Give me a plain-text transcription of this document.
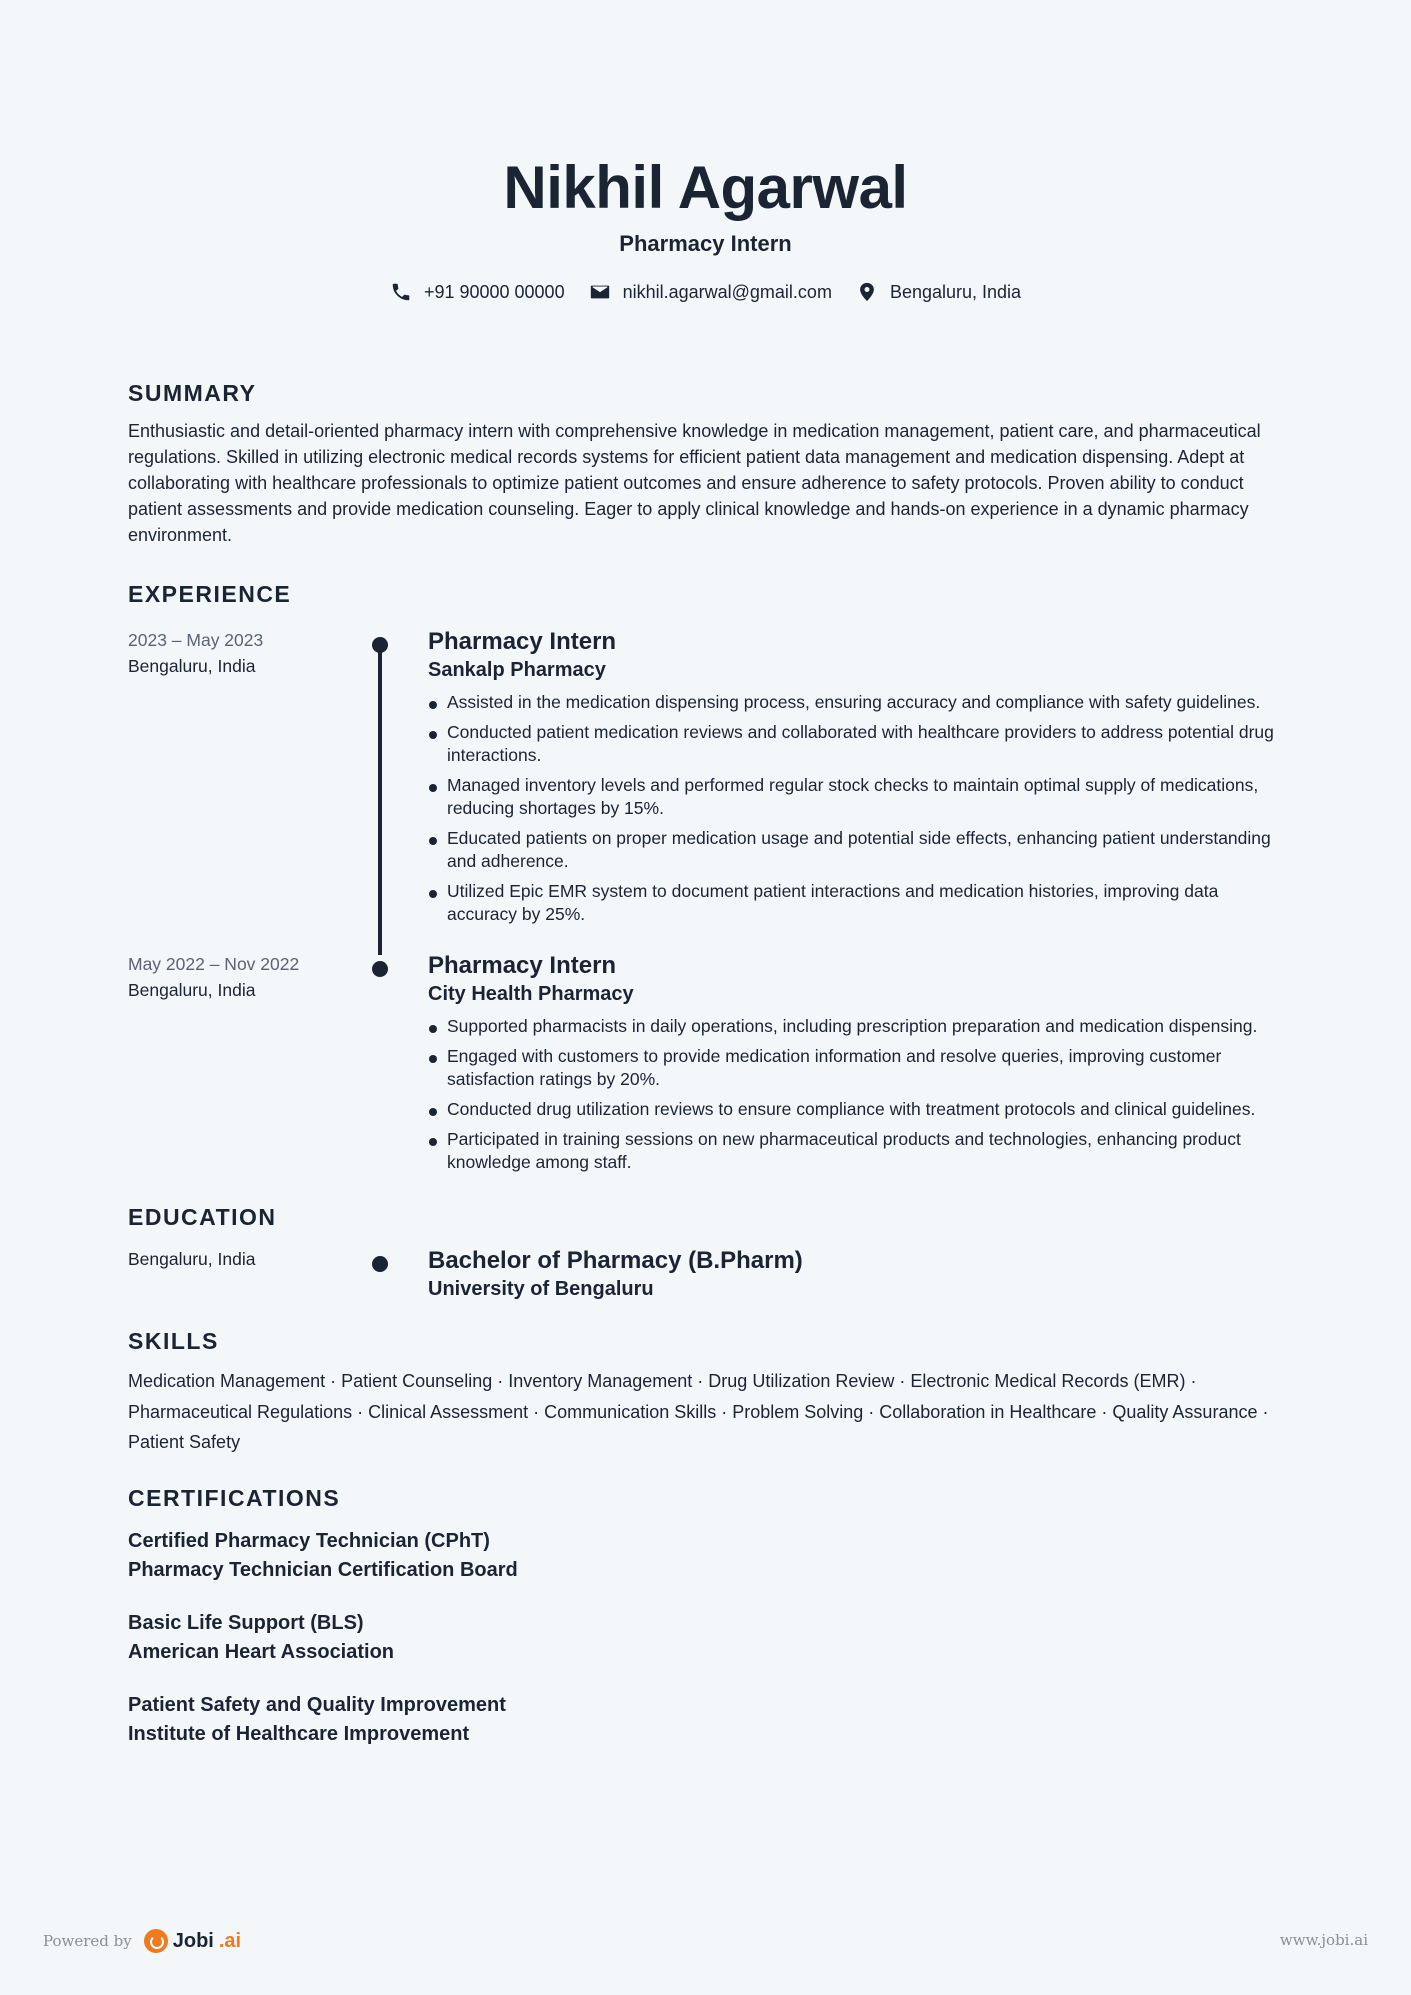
Nikhil Agarwal
Pharmacy Intern
+91 90000 00000	nikhil.agarwal@gmail.com	Bengaluru, India
SUMMARY

Enthusiastic and detail-oriented pharmacy intern with comprehensive knowledge in medication management, patient care, and pharmaceutical regulations. Skilled in utilizing electronic medical records systems for efficient patient data management and medication dispensing. Adept at collaborating with healthcare professionals to optimize patient outcomes and ensure adherence to safety protocols. Proven ability to conduct patient assessments and provide medication counseling. Eager to apply clinical knowledge and hands-on experience in a dynamic pharmacy environment.

EXPERIENCE
2023 – May 2023
Bengaluru, India
Pharmacy Intern
Sankalp Pharmacy
Assisted in the medication dispensing process, ensuring accuracy and compliance with safety guidelines.
Conducted patient medication reviews and collaborated with healthcare providers to address potential drug interactions.
Managed inventory levels and performed regular stock checks to maintain optimal supply of medications, reducing shortages by 15%.
Educated patients on proper medication usage and potential side effects, enhancing patient understanding and adherence.
Utilized Epic EMR system to document patient interactions and medication histories, improving data accuracy by 25%.
May 2022 – Nov 2022
Bengaluru, India
Pharmacy Intern
City Health Pharmacy
Supported pharmacists in daily operations, including prescription preparation and medication dispensing.
Engaged with customers to provide medication information and resolve queries, improving customer satisfaction ratings by 20%.
Conducted drug utilization reviews to ensure compliance with treatment protocols and clinical guidelines.
Participated in training sessions on new pharmaceutical products and technologies, enhancing product knowledge among staff.
EDUCATION
Bengaluru, India	Bachelor of Pharmacy (B.Pharm)
University of Bengaluru
SKILLS

Medication Management · Patient Counseling · Inventory Management · Drug Utilization Review · Electronic Medical Records (EMR) · Pharmaceutical Regulations · Clinical Assessment · Communication Skills · Problem Solving · Collaboration in Healthcare · Quality Assurance · Patient Safety

CERTIFICATIONS
Certified Pharmacy Technician (CPhT)
Pharmacy Technician Certification Board
Basic Life Support (BLS)
American Heart Association
Patient Safety and Quality Improvement
Institute of Healthcare Improvement
Powered by Jobi .ai	www.jobi.ai
